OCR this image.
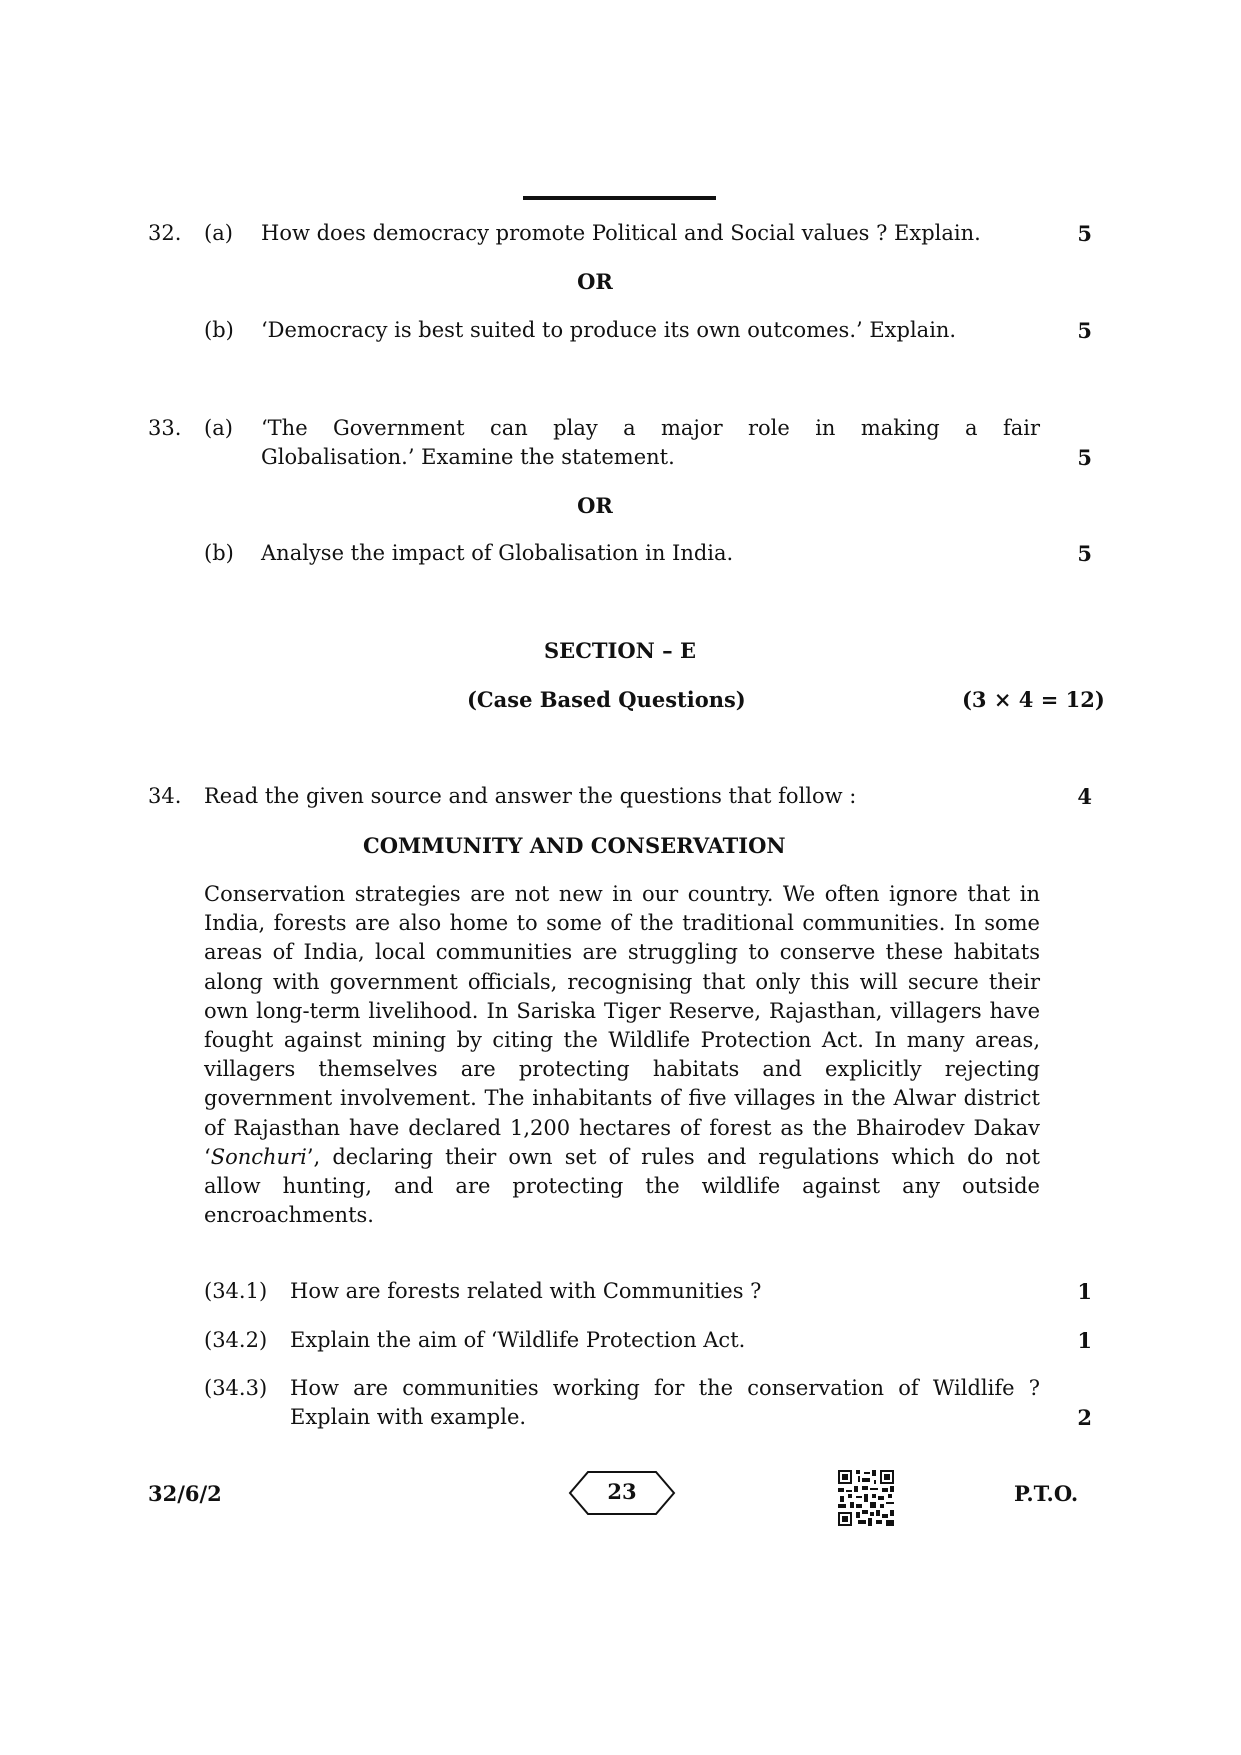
32.	(a)	How does democracy promote Political and Social values ? Explain.	5
OR
(b)	‘Democracy is best suited to produce its own outcomes.’ Explain.	5
33.	(a)	‘The Government can play a major role in making a fair
Globalisation.’ Examine the statement.	5
OR
(b)	Analyse the impact of Globalisation in India.	5
SECTION – E
(Case Based Questions)	(3 × 4 = 12)
34.	Read the given source and answer the questions that follow :	4
COMMUNITY AND CONSERVATION

Conservation strategies are not new in our country. We often ignore that in India, forests are also home to some of the traditional communities. In some areas of India, local communities are struggling to conserve these habitats along with government officials, recognising that only this will secure their own long-term livelihood. In Sariska Tiger Reserve, Rajasthan, villagers have fought against mining by citing the Wildlife Protection Act. In many areas, villagers themselves are protecting habitats and explicitly rejecting government involvement. The inhabitants of five villages in the Alwar district of Rajasthan have declared 1,200 hectares of forest as the Bhairodev Dakav ‘Sonchuri’, declaring their own set of rules and regulations which do not allow hunting, and are protecting the wildlife against any outside encroachments.

(34.1) How are forests related with Communities ?	1
(34.2) Explain the aim of ‘Wildlife Protection Act.	1
(34.3) How are communities working for the conservation of Wildlife ?
Explain with example.	2
32/6/2	23	P.T.O.
